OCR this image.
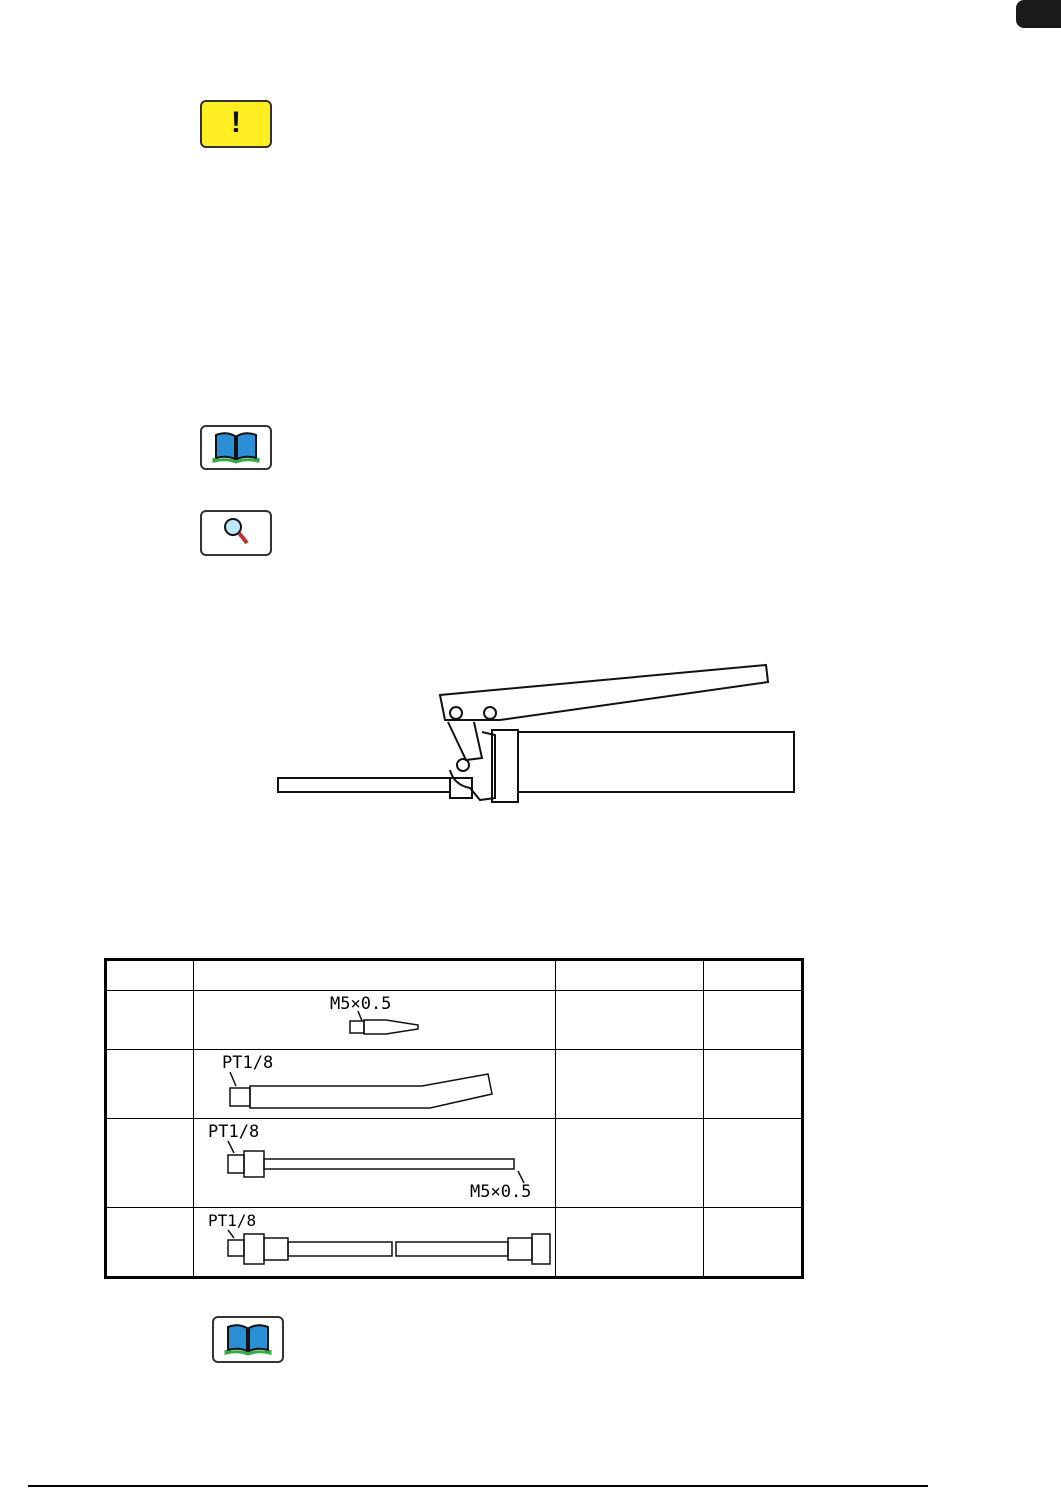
!

	M5×0.5		

	PT1/8		

	PT1/8
M5×0.5		

	PT1/8		
